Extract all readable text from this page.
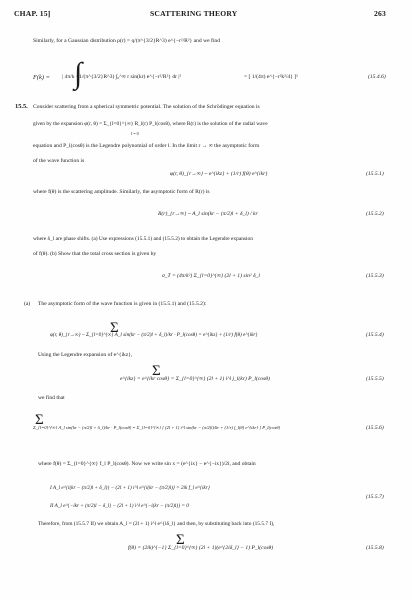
CHAP. 15]	SCATTERING THEORY	263
Similarly, for a Gaussian distribution ρ(r) = q/(π^{3/2}R^3) e^{−r²/R²} and we find
F(k) = ∫
| 4π/k · 1/(π^{3/2}R^3) ∫₀^∞ r sin(kr) e^{−r²/R²} dr |²	= [ 1/(4π) e^{−r²k²/4} ]²	(15.4.6)
15.5. Consider scattering from a spherical symmetric potential. The solution of the Schrödinger equation is
given by the expansion φ(r, θ) = Σ_{l=0}^{∞} R_l(r) P_l(cosθ), where R(r) is the solution of the radial wave
l = 0
equation and P_l(cosθ) is the Legendre polynomial of order l. In the limit r → ∞ the asymptotic form
of the wave function is
φ(r, θ)_{r→∞} ~ e^{ikz} + (1/r) f(θ) e^{ikr}	(15.5.1)
where f(θ) is the scattering amplitude. Similarly, the asymptotic form of R(r) is
R(r)_{r→∞} ~ A_l sin(kr − (π/2)l + δ_l) / kr	(15.5.2)
where δ_l are phase shifts. (a) Use expressions (15.5.1) and (15.5.2) to obtain the Legendre expansion
of f(θ). (b) Show that the total cross section is given by
σ_T = (4π/k²) Σ_{l=0}^{∞} (2l + 1) sin² δ_l	(15.5.3)
(a) The asymptotic form of the wave function is given in (15.5.1) and (15.5.2):
Σ
φ(r, θ)_{r→∞} ~ Σ_{l=0}^{∞} A_l sin(kr − (π/2)l + δ_l)/kr · P_l(cosθ) = e^{ikz} + (1/r) f(θ) e^{ikr}	(15.5.4)
Using the Legendre expansion of e^{ikz},
Σ
e^{ikz} = e^{ikr cosθ} = Σ_{l=0}^{∞} (2l + 1) i^l j_l(kr) P_l(cosθ)	(15.5.5)
we find that
Σ
Σ_{l=0}^{∞} A_l sin(kr − (π/2)l + δ_l)/kr · P_l(cosθ) = Σ_{l=0}^{∞} [ (2l + 1) i^l sin(kr − (π/2)l)/kr + (1/r) f_l(θ) e^{ikr} ] P_l(cosθ)	(15.5.6)
where f(θ) = Σ_{l=0}^{∞} f_l P_l(cosθ). Now we write sin x = (e^{ix} − e^{−ix})/2i, and obtain
I A_l e^{i(kr − (π/2)l + δ_l)} − (2l + 1) i^l e^{i(kr − (π/2)l)} = 2ik f_l e^{ikr}
II A_l e^{−ikr + (π/2)l − δ_l} − (2l + 1) i^l e^{−i(kr − (π/2)l)} = 0
(15.5.7)
Therefore, from (15.5.7 II) we obtain A_l = (2l + 1) i^l e^{iδ_l} and then, by substituting back into (15.5.7 I),
Σ
f(θ) = (2ik)^{−1} Σ_{l=0}^{∞} (2l + 1)(e^{2iδ_l} − 1) P_l(cosθ)	(15.5.8)
